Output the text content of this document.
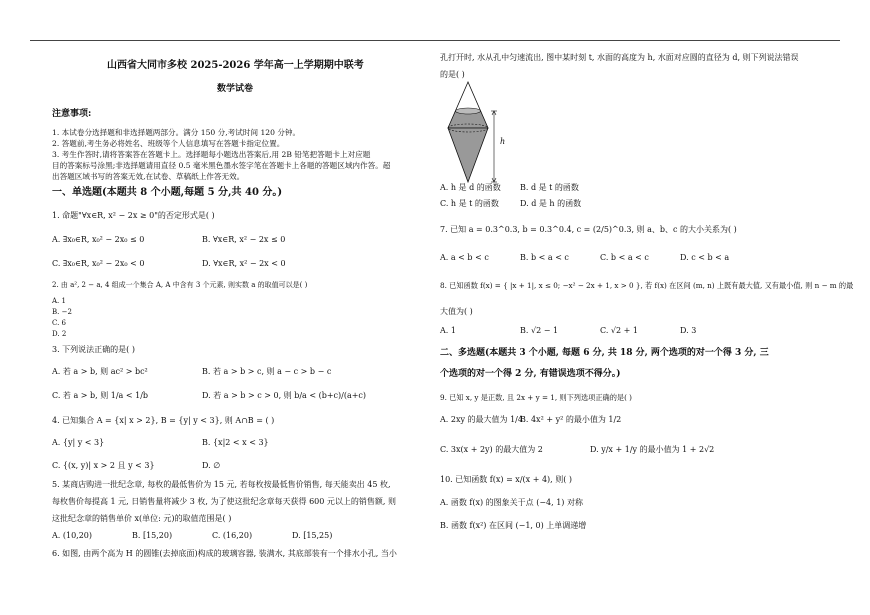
山西省大同市多校 2025-2026 学年高一上学期期中联考
数学试卷
注意事项:
1. 本试卷分选择题和非选择题两部分。满分 150 分,考试时间 120 分钟。
2. 答题前,考生务必将姓名、班级等个人信息填写在答题卡指定位置。
3. 考生作答时,请将答案答在答题卡上。选择题每小题选出答案后,用 2B 铅笔把答题卡上对应题
目的答案标号涂黑;非选择题请用直径 0.5 毫米黑色墨水签字笔在答题卡上各题的答题区域内作答。超
出答题区域书写的答案无效,在试卷、草稿纸上作答无效。
一、单选题(本题共 8 个小题,每题 5 分,共 40 分。)
1. 命题"∀x∈R, x² − 2x ≥ 0"的否定形式是( )
A. ∃x₀∈R, x₀² − 2x₀ ≤ 0	B. ∀x∈R, x² − 2x ≤ 0
C. ∃x₀∈R, x₀² − 2x₀ < 0	D. ∀x∈R, x² − 2x < 0
2. 由 a², 2 − a, 4 组成一个集合 A, A 中含有 3 个元素, 则实数 a 的取值可以是( )
A. 1
B. −2
C. 6
D. 2
3. 下列说法正确的是( )
A. 若 a > b, 则 ac² > bc²	B. 若 a > b > c, 则 a − c > b − c
C. 若 a > b, 则 1/a < 1/b	D. 若 a > b > c > 0, 则 b/a < (b+c)/(a+c)
4. 已知集合 A = {x| x > 2}, B = {y| y < 3}, 则 A∩B = ( )
A. {y| y < 3}	B. {x|2 < x < 3}
C. {(x, y)| x > 2 且 y < 3}	D. ∅
5. 某商店购进一批纪念章, 每枚的最低售价为 15 元, 若每枚按最低售价销售, 每天能卖出 45 枚,
每枚售价每提高 1 元, 日销售量将减少 3 枚, 为了使这批纪念章每天获得 600 元以上的销售额, 则
这批纪念章的销售单价 x(单位: 元)的取值范围是( )
A. (10,20)	B. [15,20)	C. (16,20)	D. [15,25)
6. 如图, 由两个高为 H 的圆锥(去掉底面)构成的玻璃容器, 装满水, 其底部装有一个排水小孔, 当小
孔打开时, 水从孔中匀速流出, 图中某时刻 t, 水面的高度为 h, 水面对应圆的直径为 d, 则下列说法错误
的是( )
h
A. h 是 d 的函数 B. d 是 t 的函数
C. h 是 t 的函数	D. d 是 h 的函数
7. 已知 a = 0.3^0.3, b = 0.3^0.4, c = (2/5)^0.3, 则 a、b、c 的大小关系为( )
A. a < b < c	B. b < a < c	C. b < a < c	D. c < b < a
8. 已知函数 f(x) = { |x + 1|, x ≤ 0; −x² − 2x + 1, x > 0 }, 若 f(x) 在区间 (m, n) 上既有最大值, 又有最小值, 则 n − m 的最
大值为( )
A. 1	B. √2 − 1	C. √2 + 1	D. 3
二、多选题(本题共 3 个小题, 每题 6 分, 共 18 分, 两个选项的对一个得 3 分, 三
个选项的对一个得 2 分, 有错误选项不得分。)
9. 已知 x, y 是正数, 且 2x + y = 1, 则下列选项正确的是( )
A. 2xy 的最大值为 1/4
B. 4x² + y² 的最小值为 1/2
C. 3x(x + 2y) 的最大值为 2	D. y/x + 1/y 的最小值为 1 + 2√2
10. 已知函数 f(x) = x/(x + 4), 则( )
A. 函数 f(x) 的图象关于点 (−4, 1) 对称
B. 函数 f(x²) 在区间 (−1, 0) 上单调递增
